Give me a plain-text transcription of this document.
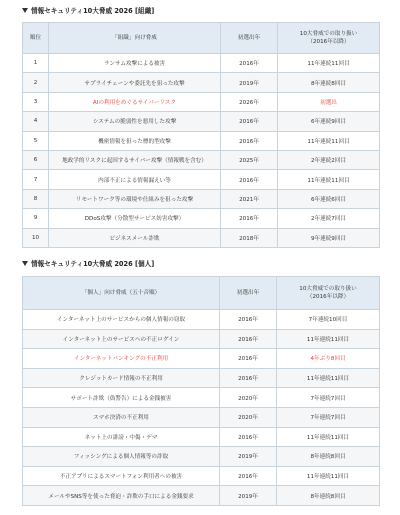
情報セキュリティ10大脅威 2026 [組織]
順位	「組織」向け脅威	初選出年	10大脅威での取り扱い
（2016年以降）

1	ランサム攻撃による被害	2016年	11年連続11回目
2	サプライチェーンや委託先を狙った攻撃	2019年	8年連続8回目
3	AIの利用をめぐるサイバーリスク	2026年	初選出
4	システムの脆弱性を悪用した攻撃	2016年	6年連続9回目
5	機密情報を狙った標的型攻撃	2016年	11年連続11回目
6	地政学的リスクに起因するサイバー攻撃（情報戦を含む）	2025年	2年連続2回目
7	内部不正による情報漏えい等	2016年	11年連続11回目
8	リモートワーク等の環境や仕組みを狙った攻撃	2021年	6年連続6回目
9	DDoS攻撃（分散型サービス妨害攻撃）	2016年	2年連続7回目
10	ビジネスメール詐欺	2018年	9年連続9回目
情報セキュリティ10大脅威 2026 [個人]
「個人」向け脅威（五十音順）	初選出年	10大脅威での取り扱い
（2016年以降）

インターネット上のサービスからの個人情報の窃取	2016年	7年連続10回目
インターネット上のサービスへの不正ログイン	2016年	11年連続11回目
インターネットバンキングの不正利用	2016年	4年ぶり8回目
クレジットカード情報の不正利用	2016年	11年連続11回目
サポート詐欺（偽警告）による金銭被害	2020年	7年連続7回目
スマホ決済の不正利用	2020年	7年連続7回目
ネット上の誹謗・中傷・デマ	2016年	11年連続11回目
フィッシングによる個人情報等の詐取	2019年	8年連続8回目
不正アプリによるスマートフォン利用者への被害	2016年	11年連続11回目
メールやSNS等を使った脅迫・詐欺の手口による金銭要求	2019年	8年連続8回目
